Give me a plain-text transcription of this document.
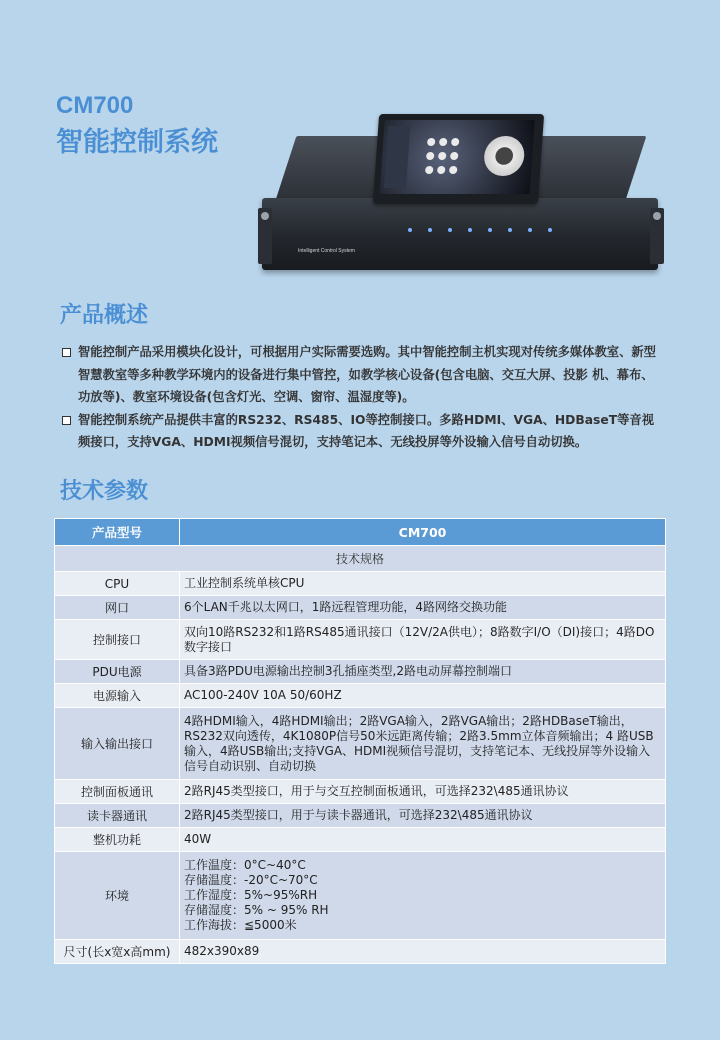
CM700
智能控制系统
Intelligent Control System
产品概述
智能控制产品采用模块化设计，可根据用户实际需要选购。其中智能控制主机实现对传统多媒体教室、新型智慧教室等多种教学环境内的设备进行集中管控，如教学核心设备(包含电脑、交互大屏、投影 机、幕布、功放等)、教室环境设备(包含灯光、空调、窗帘、温湿度等)。
智能控制系统产品提供丰富的RS232、RS485、IO等控制接口。多路HDMI、VGA、HDBaseT等音视频接口，支持VGA、HDMI视频信号混切，支持笔记本、无线投屏等外设输入信号自动切换。
技术参数
产品型号	CM700
技术规格	
CPU	工业控制系统单核CPU
网口	6个LAN千兆以太网口，1路远程管理功能，4路网络交换功能
控制接口	双向10路RS232和1路RS485通讯接口（12V/2A供电）；8路数字I/O（DI)接口；4路DO数字接口
PDU电源	具备3路PDU电源输出控制3孔插座类型,2路电动屏幕控制端口
电源输入	AC100-240V 10A 50/60HZ
输入输出接口	4路HDMI输入，4路HDMI输出；2路VGA输入，2路VGA输出；2路HDBaseT输出，RS232双向透传，4K1080P信号50米远距离传输；2路3.5mm立体音频输出；4 路USB输入，4路USB输出;支持VGA、HDMI视频信号混切，支持笔记本、无线投屏等外设输入信号自动识别、自动切换
控制面板通讯	2路RJ45类型接口，用于与交互控制面板通讯，可选择232\485通讯协议
读卡器通讯	2路RJ45类型接口，用于与读卡器通讯，可选择232\485通讯协议
整机功耗	40W
环境	工作温度：0°C~40°C
存储温度：-20°C~70°C
工作湿度：5%~95%RH
存储湿度：5% ~ 95% RH
工作海拔：≦5000米
尺寸(长x宽x高mm)	482x390x89
